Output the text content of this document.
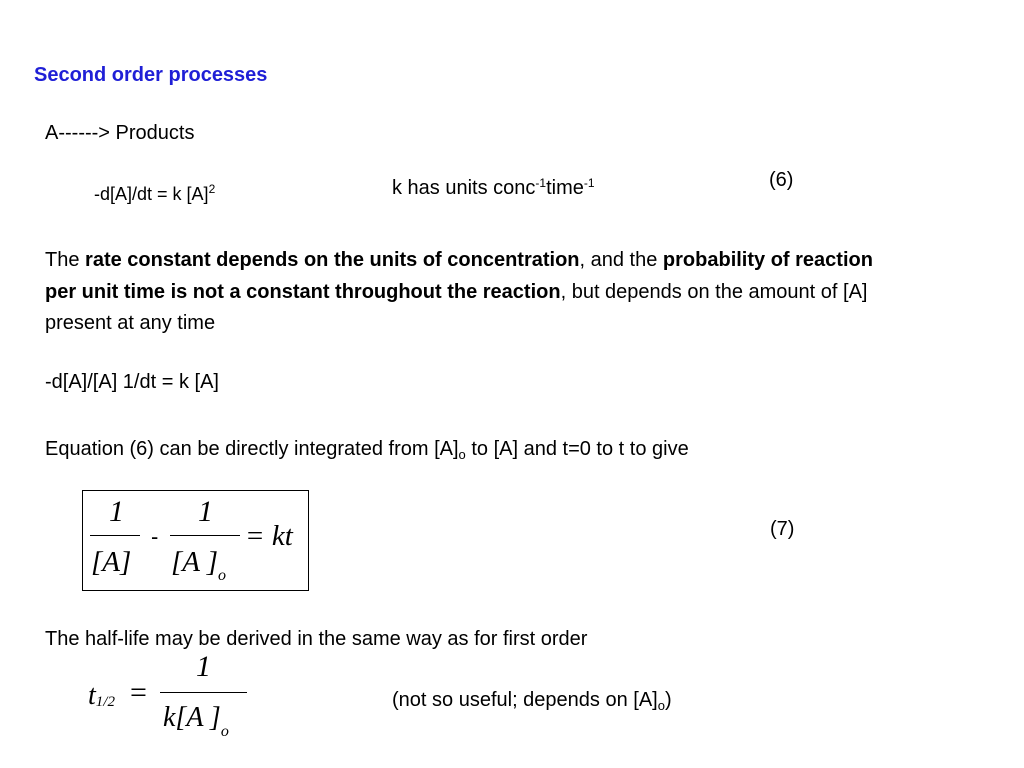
Second order processes
A------> Products
-d[A]/dt = k $[A]^2$	k has units conc$^{-1}$time$^{-1}$	(6)
The rate constant depends on the units of concentration, and the probability of reaction per unit time is not a constant throughout the reaction, but depends on the amount of [A] present at any time
-d[A]/[A] 1/dt = k [A]
Equation (6) can be directly integrated from $[A]_o$ to [A] and t=0 to t to give
1
[A]
-
1
[A ]$_o$
= kt	(7)
The half-life may be derived in the same way as for first order
t1/2 =
1
k[A ]$_o$
(not so useful; depends on $[A]_o$)
